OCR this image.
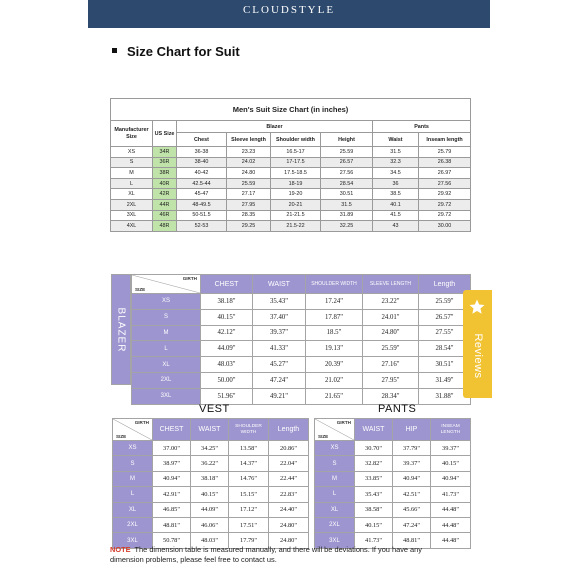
CLOUDSTYLE
Size Chart for Suit
Men's Suit Size Chart (in inches)							
Manufacturer Size	US Size	Blazer				Pants	
		Chest	Sleeve length	Shoulder width	Height	Waist	Inseam length
XS	34R	36-38	23.23	16.5-17	25.59	31.5	25.79
S	36R	38-40	24.02	17-17.5	26.57	32.3	26.38
M	38R	40-42	24.80	17.5-18.5	27.56	34.5	26.97
L	40R	42.5-44	25.59	18-19	28.54	36	27.56
XL	42R	45-47	27.17	19-20	30.51	38.5	29.92
2XL	44R	48-49.5	27.95	20-21	31.5	40.1	29.72
3XL	46R	50-51.5	28.35	21-21.5	31.89	41.5	29.72
4XL	48R	52-53	29.25	21.5-22	32.25	43	30.00
BLAZER
GIRTH
SIZE	CHEST	WAIST	SHOULDER WIDTH	SLEEVE LENGTH	Length
XS	38.18"	35.43"	17.24"	23.22"	25.59"
S	40.15"	37.40"	17.87"	24.01"	26.57"
M	42.12"	39.37"	18.5"	24.80"	27.55"
L	44.09"	41.33"	19.13"	25.59"	28.54"
XL	48.03"	45.27"	20.39"	27.16"	30.51"
2XL	50.00"	47.24"	21.02"	27.95"	31.49"
3XL	51.96"	49.21"	21.65"	28.34"	31.88"
VEST
GIRTH
SIZE	CHEST	WAIST	SHOULDER WIDTH	Length
XS	37.00"	34.25"	13.58"	20.86"
S	38.97"	36.22"	14.37"	22.04"
M	40.94"	38.18"	14.76"	22.44"
L	42.91"	40.15"	15.15"	22.83"
XL	46.85"	44.09"	17.12"	24.40"
2XL	48.81"	46.06"	17.51"	24.80"
3XL	50.78"	48.03"	17.79"	24.80"
PANTS
GIRTH
SIZE	WAIST	HIP	INSEAM LENGTH
XS	30.70"	37.79"	39.37"
S	32.82"	39.37"	40.15"
M	33.85"	40.94"	40.94"
L	35.43"	42.51"	41.73"
XL	38.58"	45.66"	44.48"
2XL	40.15"	47.24"	44.48"
3XL	41.73"	48.81"	44.48"
NOTE The dimension table is measured manually, and there will be deviations. If you have any dimension problems, please feel free to contact us.
Reviews
